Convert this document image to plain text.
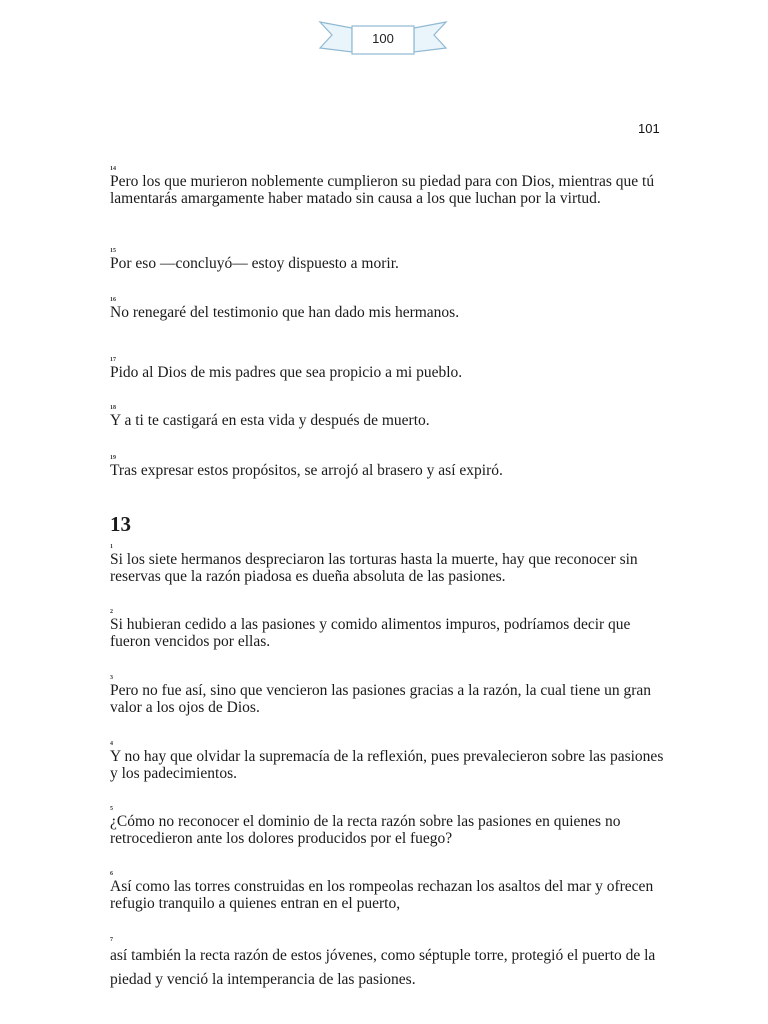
100
101
14
Pero los que murieron noblemente cumplieron su piedad para con Dios, mientras que tú lamentarás amargamente haber matado sin causa a los que luchan por la virtud.
15
Por eso —concluyó— estoy dispuesto a morir.
16
No renegaré del testimonio que han dado mis hermanos.
17
Pido al Dios de mis padres que sea propicio a mi pueblo.
18
Y a ti te castigará en esta vida y después de muerto.
19
Tras expresar estos propósitos, se arrojó al brasero y así expiró.
13
1
Si los siete hermanos despreciaron las torturas hasta la muerte, hay que reconocer sin reservas que la razón piadosa es dueña absoluta de las pasiones.
2
Si hubieran cedido a las pasiones y comido alimentos impuros, podríamos decir que fueron vencidos por ellas.
3
Pero no fue así, sino que vencieron las pasiones gracias a la razón, la cual tiene un gran valor a los ojos de Dios.
4
Y no hay que olvidar la supremacía de la reflexión, pues prevalecieron sobre las pasiones y los padecimientos.
5
¿Cómo no reconocer el dominio de la recta razón sobre las pasiones en quienes no retrocedieron ante los dolores producidos por el fuego?
6
Así como las torres construidas en los rompeolas rechazan los asaltos del mar y ofrecen refugio tranquilo a quienes entran en el puerto,
7
así también la recta razón de estos jóvenes, como séptuple torre, protegió el puerto de la piedad y venció la intemperancia de las pasiones.
